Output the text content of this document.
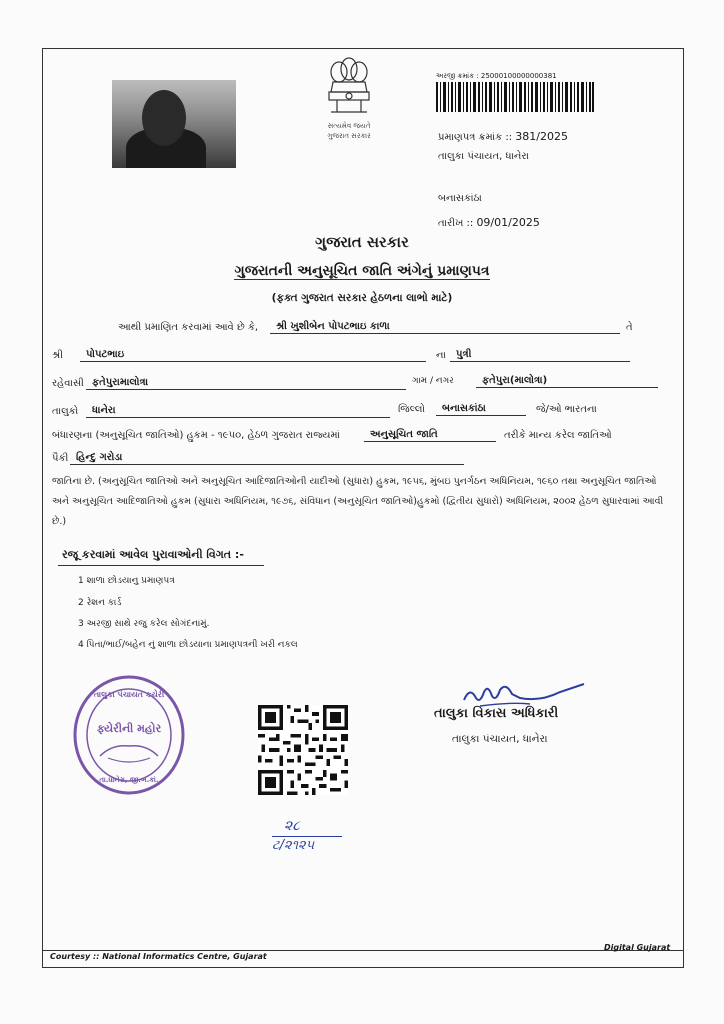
સત્યમેવ જયતે
ગુજરાત સરકાર
અરજી ક્રમાંક : 25000100000000381
પ્રમાણપત્ર ક્રમાંક :: 381/2025
તાલુકા પંચાયત, ધાનેરા
બનાસકાંઠા
તારીખ :: 09/01/2025
ગુજરાત સરકાર
ગુજરાતની અનુસૂચિત જાતિ અંગેનું પ્રમાણપત્ર
(ફક્ત ગુજરાત સરકાર હેઠળના લાભો માટે)
આથી પ્રમાણિત કરવામાં આવે છે કે,	શ્રી ખુશીબેન પોપટભાઇ કાળા	તે
શ્રી	પોપટભાઇ	ના	પુત્રી
રહેવાસી ફતેપુરામાલોત્રા	ગામ / નગર	ફતેપુરા(માલોત્રા)
તાલુકો	ધાનેરા	જિલ્લો	બનાસકાંઠા	જે/ઓ ભારતના
બંધારણના (અનુસૂચિત જાતિઓ) હુકમ - ૧૯૫૦, હેઠળ ગુજરાત રાજ્યમાં	અનુસૂચિત જાતિ	તરીકે માન્ય કરેલ જાતિઓ
પૈકી હિન્દુ ગરોડા
જાતિના છે. (અનુસૂચિત જાતિઓ અને અનુસૂચિત આદિજાતિઓની યાદીઓ (સુધારા) હુકમ, ૧૯૫૬, મુંબઇ પુનર્ગઠન અધિનિયમ, ૧૯૬૦ તથા અનુસૂચિત જાતિઓ અને અનુસૂચિત આદિજાતિઓ હુકમ (સુધારા અધિનિયમ, ૧૯૭૬, સંવિધાન (અનુસૂચિત જાતિઓ)હુકમો (દ્વિતીય સુધારો) અધિનિયમ, ૨૦૦૨ હેઠળ સુધારવામાં આવી છે.)
રજૂ કરવામાં આવેલ પુરાવાઓની વિગત :-
1 શાળા છોડયાનુ પ્રમાણપત્ર
2 રેશન કાર્ડ
3 અરજી સાથે રજુ કરેલ સોગંદનામું.
4 પિતા/ભાઈ/બહેન નું શાળા છોડયાના પ્રમાણપત્રની ખરી નકલ
તાલુકા પંચાયત કચેરી
ફ્યેરીની મહોર
તા.ધાનેરા, જી.બ.કાં.
૨૮
ટ/૨૧૨૫
તાલુકા વિકાસ અધિકારી
તાલુકા પંચાયત, ધાનેરા
Courtesy :: National Informatics Centre, Gujarat
Digital Gujarat
